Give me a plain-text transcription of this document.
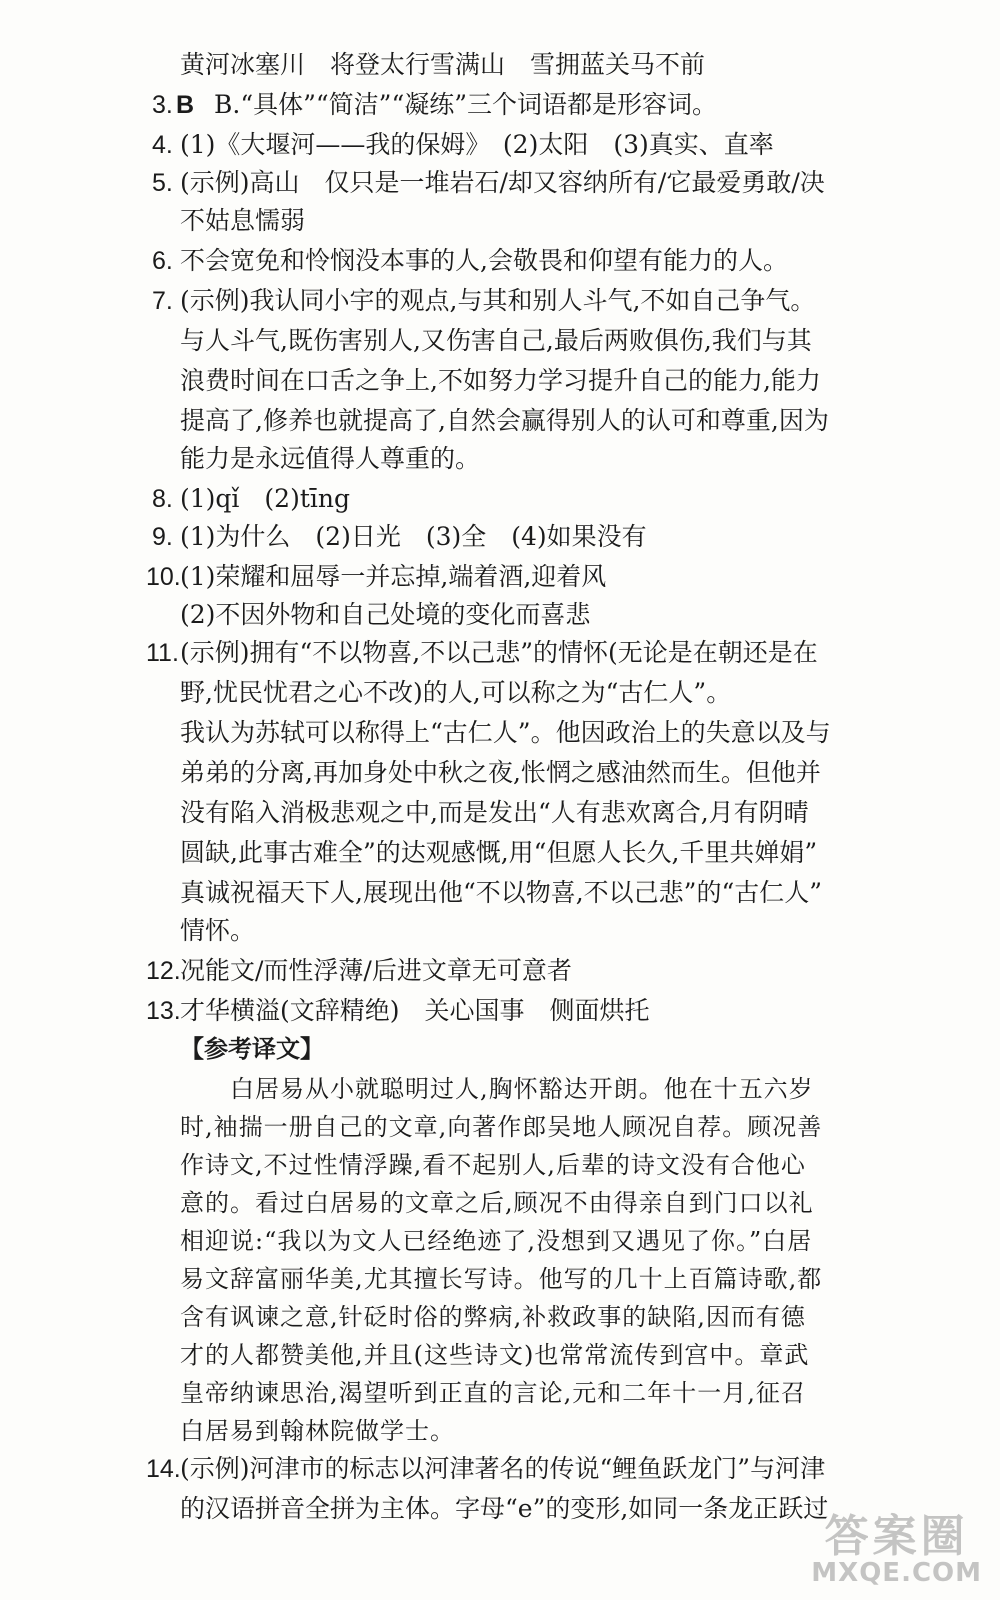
黄河冰塞川　将登太行雪满山　雪拥蓝关马不前
3. B B.“具体”“简洁”“凝练”三个词语都是形容词。
4. (1)《大堰河——我的保姆》　(2)太阳　(3)真实、直率
5. (示例)高山　仅只是一堆岩石/却又容纳所有/它最爱勇敢/决
不姑息懦弱
6. 不会宽免和怜悯没本事的人,会敬畏和仰望有能力的人。
7. (示例)我认同小宇的观点,与其和别人斗气,不如自己争气。
与人斗气,既伤害别人,又伤害自己,最后两败俱伤,我们与其
浪费时间在口舌之争上,不如努力学习提升自己的能力,能力
提高了,修养也就提高了,自然会赢得别人的认可和尊重,因为
能力是永远值得人尊重的。
8. (1)qǐ　(2)tīng
9. (1)为什么　(2)日光　(3)全　(4)如果没有
10. (1)荣耀和屈辱一并忘掉,端着酒,迎着风
(2)不因外物和自己处境的变化而喜悲
11. (示例)拥有“不以物喜,不以己悲”的情怀(无论是在朝还是在
野,忧民忧君之心不改)的人,可以称之为“古仁人”。
我认为苏轼可以称得上“古仁人”。他因政治上的失意以及与
弟弟的分离,再加身处中秋之夜,怅惘之感油然而生。但他并
没有陷入消极悲观之中,而是发出“人有悲欢离合,月有阴晴
圆缺,此事古难全”的达观感慨,用“但愿人长久,千里共婵娟”
真诚祝福天下人,展现出他“不以物喜,不以己悲”的“古仁人”
情怀。
12. 况能文/而性浮薄/后进文章无可意者
13. 才华横溢(文辞精绝)　关心国事　侧面烘托
【参考译文】
　　白居易从小就聪明过人,胸怀豁达开朗。他在十五六岁
时,袖揣一册自己的文章,向著作郎吴地人顾况自荐。顾况善
作诗文,不过性情浮躁,看不起别人,后辈的诗文没有合他心
意的。看过白居易的文章之后,顾况不由得亲自到门口以礼
相迎说:“我以为文人已经绝迹了,没想到又遇见了你。”白居
易文辞富丽华美,尤其擅长写诗。他写的几十上百篇诗歌,都
含有讽谏之意,针砭时俗的弊病,补救政事的缺陷,因而有德
才的人都赞美他,并且(这些诗文)也常常流传到宫中。章武
皇帝纳谏思治,渴望听到正直的言论,元和二年十一月,征召
白居易到翰林院做学士。
14. (示例)河津市的标志以河津著名的传说“鲤鱼跃龙门”与河津
的汉语拼音全拼为主体。字母“e”的变形,如同一条龙正跃过
答案圈
MXQE.COM
